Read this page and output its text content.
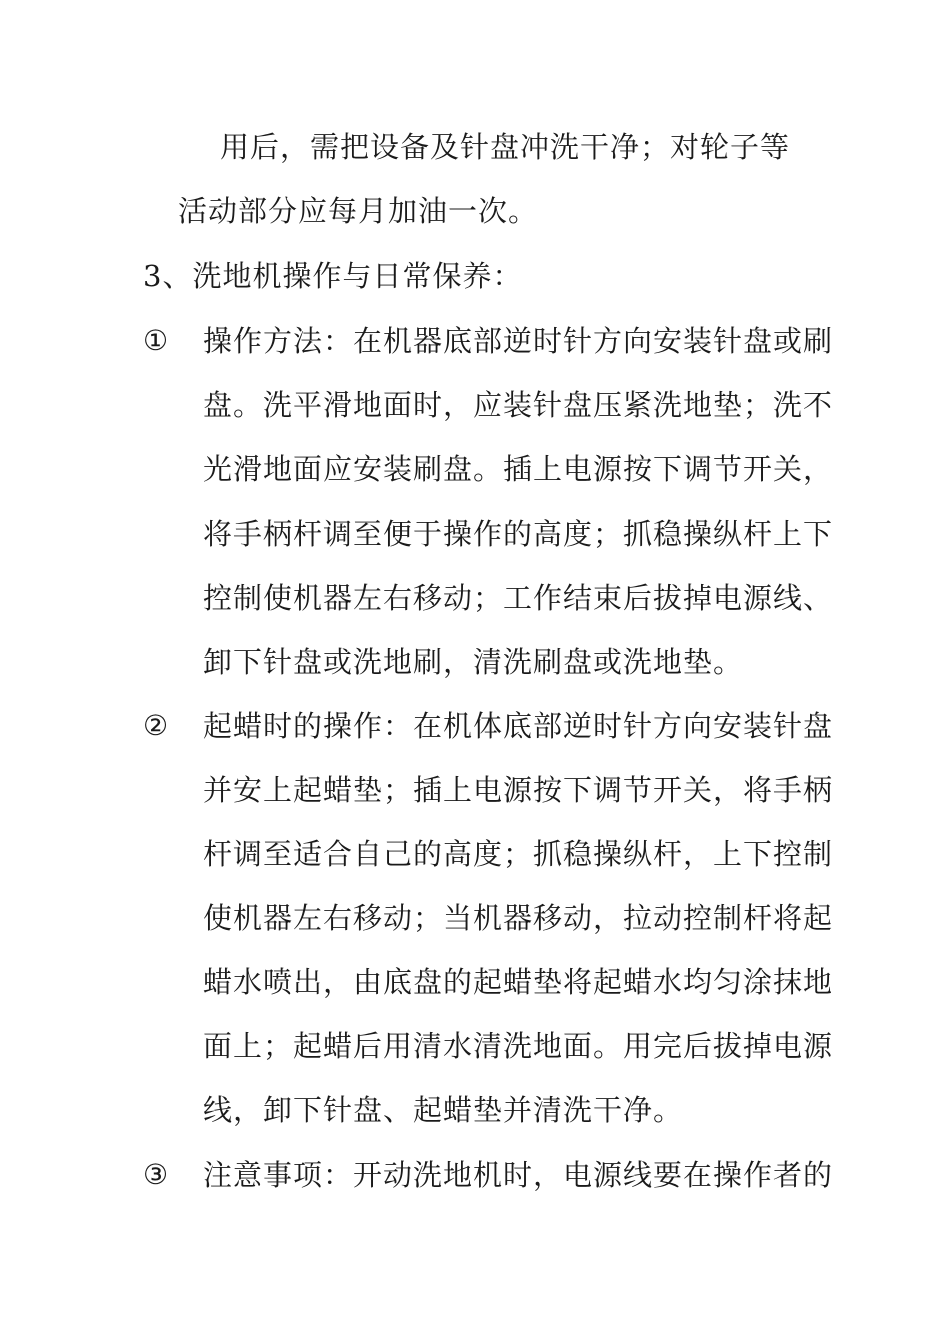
用后，需把设备及针盘冲洗干净；对轮子等
活动部分应每月加油一次。
3、洗地机操作与日常保养：
① 操作方法：在机器底部逆时针方向安装针盘或刷
盘。洗平滑地面时，应装针盘压紧洗地垫；洗不
光滑地面应安装刷盘。插上电源按下调节开关，
将手柄杆调至便于操作的高度；抓稳操纵杆上下
控制使机器左右移动；工作结束后拔掉电源线、
卸下针盘或洗地刷，清洗刷盘或洗地垫。
② 起蜡时的操作：在机体底部逆时针方向安装针盘
并安上起蜡垫；插上电源按下调节开关，将手柄
杆调至适合自己的高度；抓稳操纵杆，上下控制
使机器左右移动；当机器移动，拉动控制杆将起
蜡水喷出，由底盘的起蜡垫将起蜡水均匀涂抹地
面上；起蜡后用清水清洗地面。用完后拔掉电源
线，卸下针盘、起蜡垫并清洗干净。
③ 注意事项：开动洗地机时，电源线要在操作者的
